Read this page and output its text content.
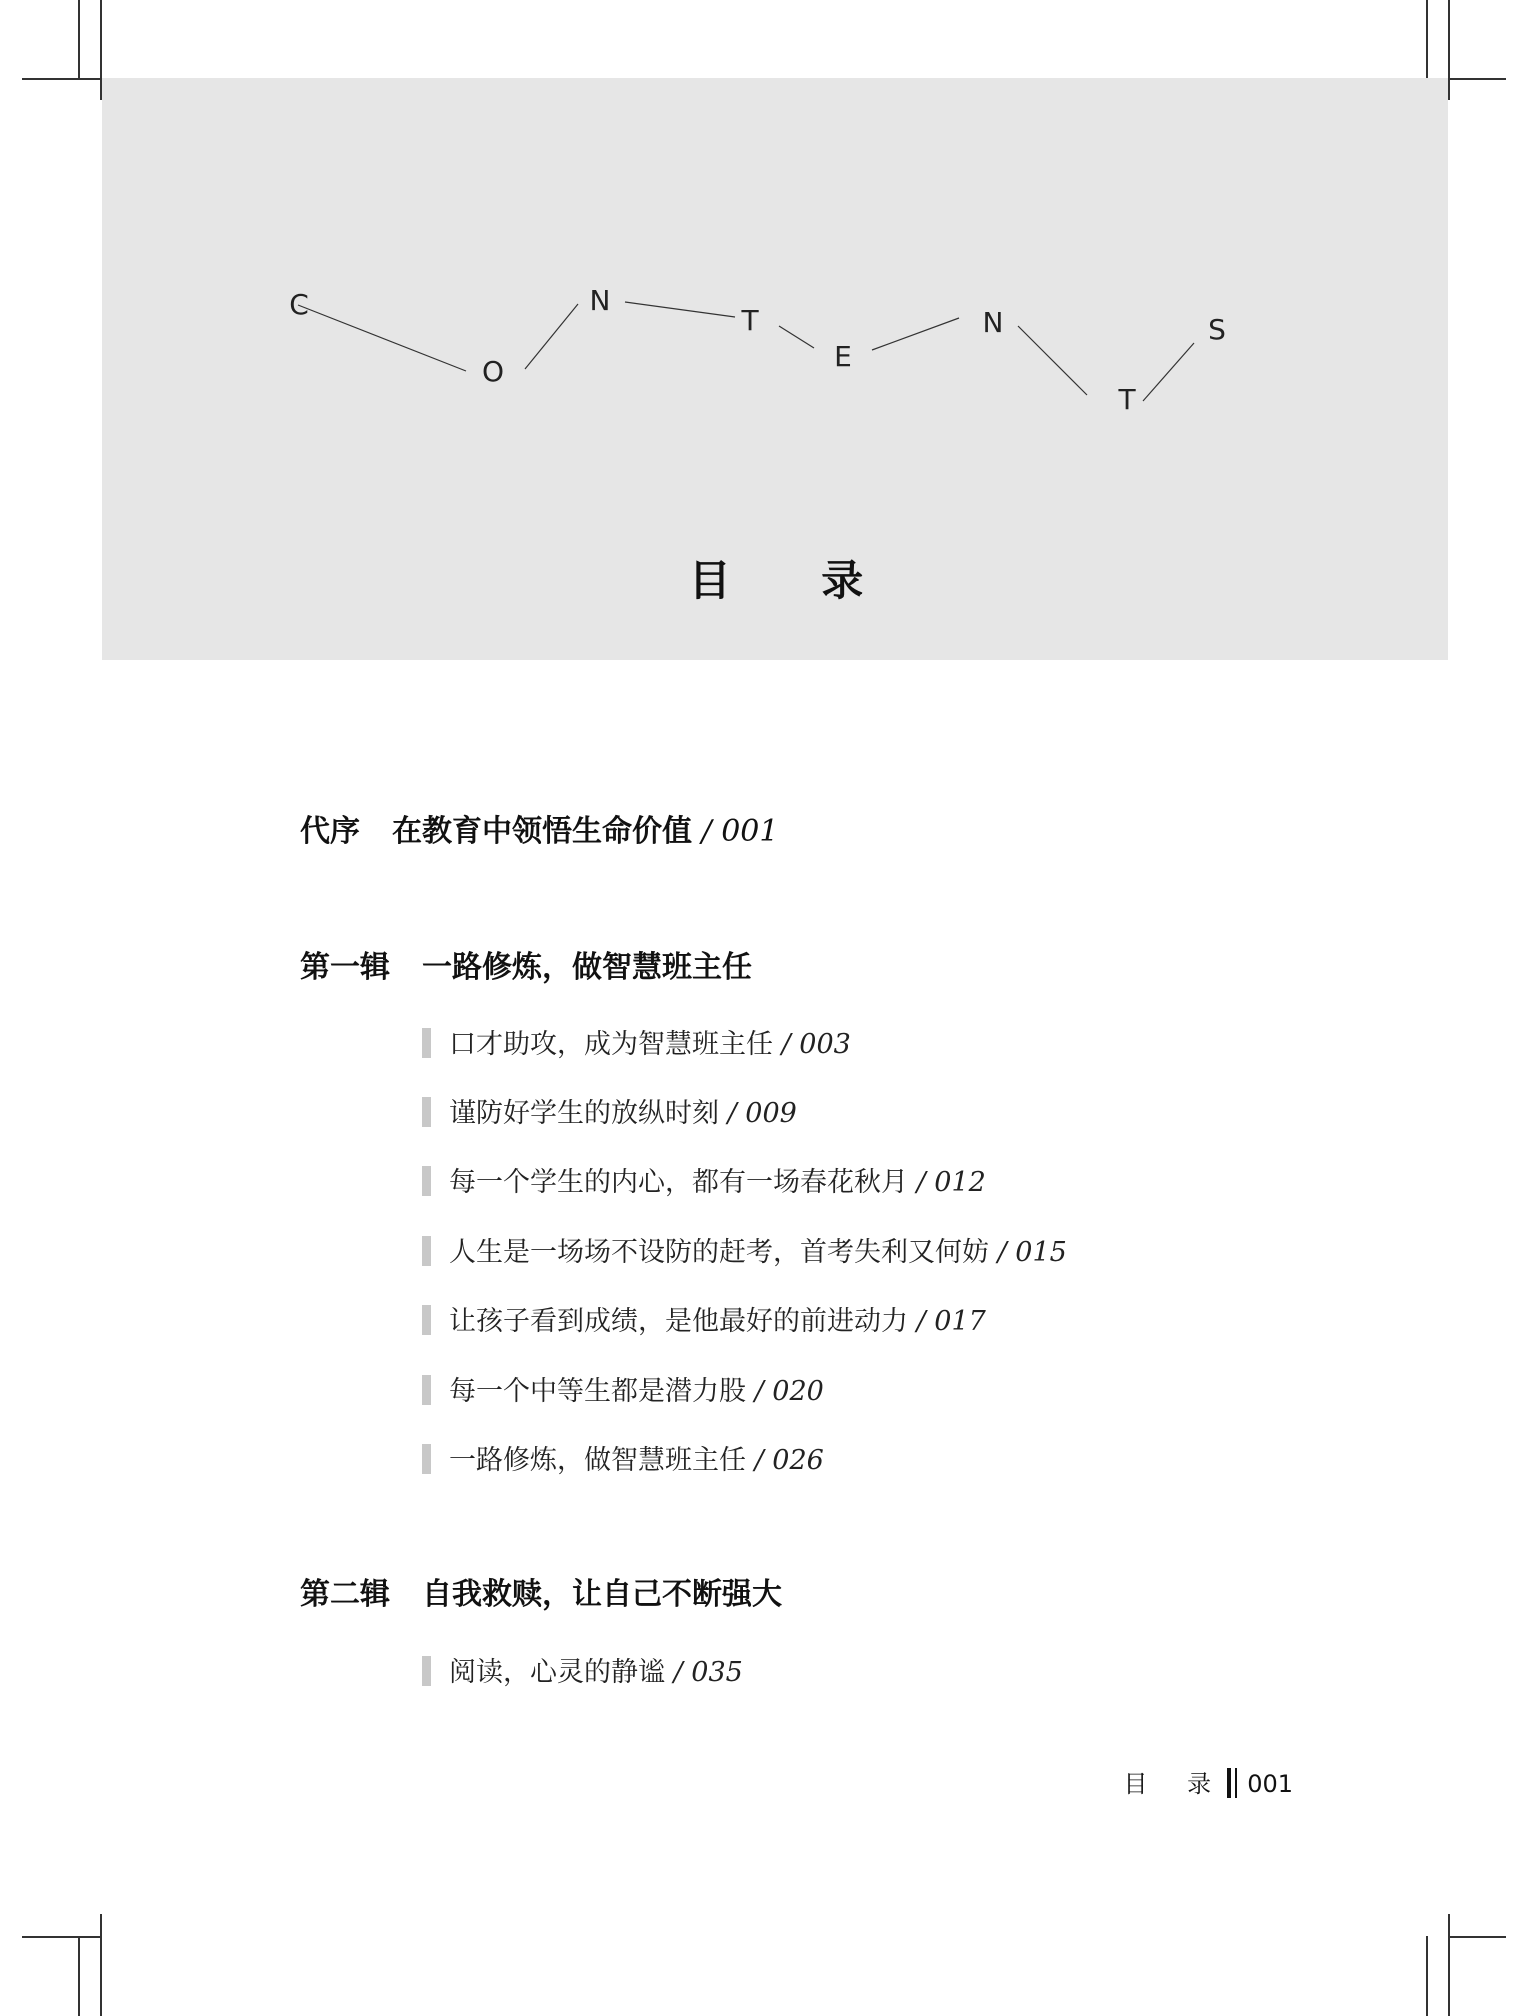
C
O
N
T
E
N
T
S
目 录
代序 在教育中领悟生命价值 / 001
第一辑 一路修炼，做智慧班主任
口才助攻，成为智慧班主任 / 003
谨防好学生的放纵时刻 / 009
每一个学生的内心，都有一场春花秋月 / 012
人生是一场场不设防的赶考，首考失利又何妨 / 015
让孩子看到成绩，是他最好的前进动力 / 017
每一个中等生都是潜力股 / 020
一路修炼，做智慧班主任 / 026
第二辑 自我救赎，让自己不断强大
阅读，心灵的静谧 / 035
目 录 001
